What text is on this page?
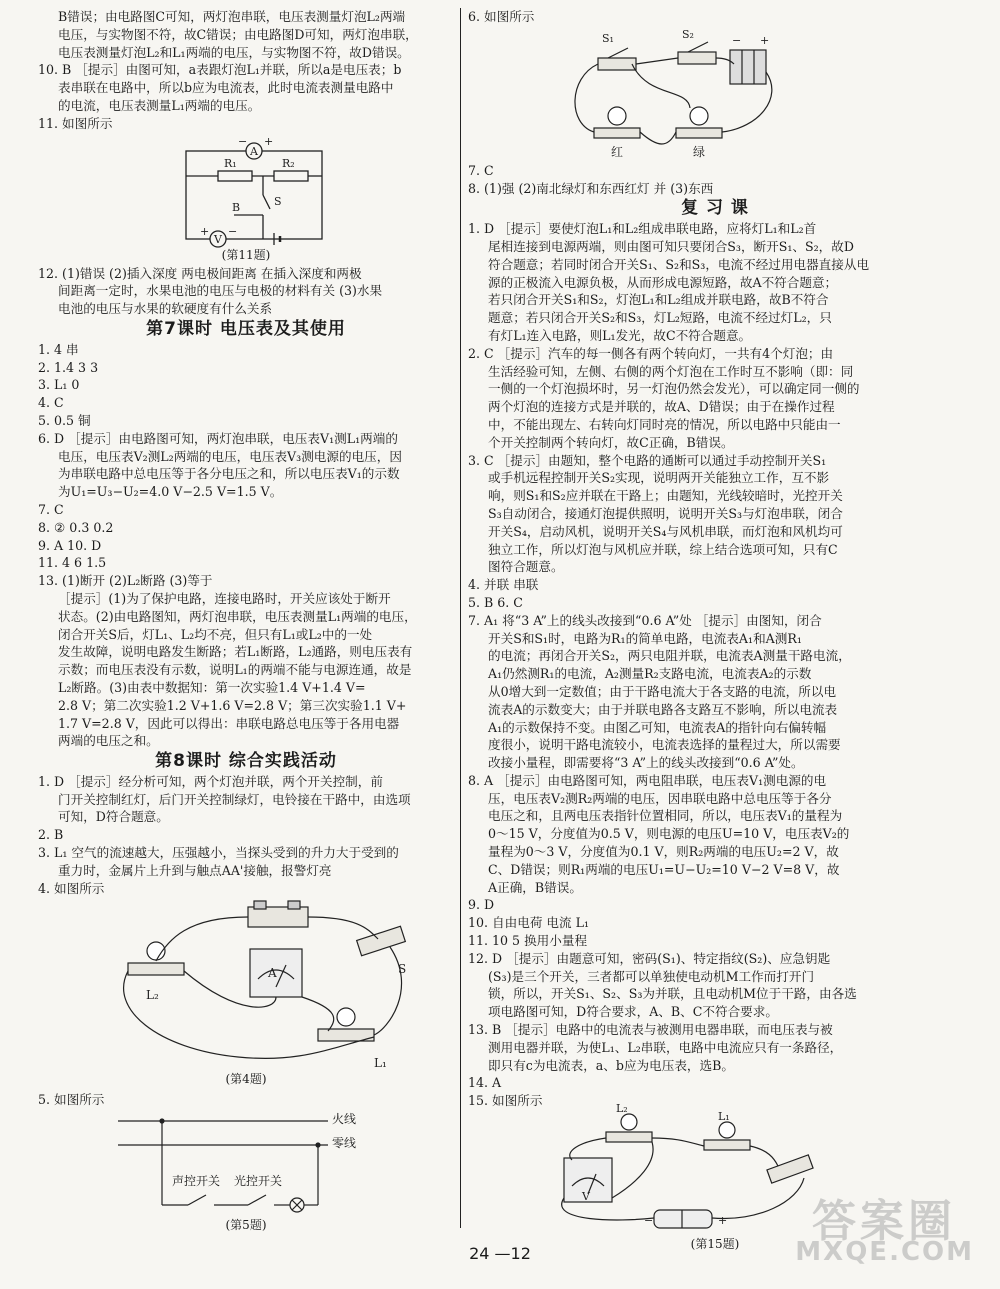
B错误；由电路图C可知，两灯泡串联，电压表测量灯泡L₂两端

电压，与实物图不符，故C错误；由电路图D可知，两灯泡串联，

电压表测量灯泡L₂和L₁两端的电压，与实物图不符，故D错误。

10. B ［提示］由图可知，a表跟灯泡L₁并联，所以a是电压表；b

表串联在电路中，所以b应为电流表，此时电流表测量电路中

的电流，电压表测量L₁两端的电压。

11. 如图所示

A
− +
V
+ −
R₁	R₂
S
B
(第11题)

12. (1)错误 (2)插入深度 两电极间距离 在插入深度和两极

间距离一定时，水果电池的电压与电极的材料有关 (3)水果

电池的电压与水果的软硬度有什么关系

第7课时 电压表及其使用

1. 4 串

2. 1.4 3 3

3. L₁ 0

4. C

5. 0.5 铜

6. D ［提示］由电路图可知，两灯泡串联，电压表V₁测L₁两端的

电压，电压表V₂测L₂两端的电压，电压表V₃测电源的电压，因

为串联电路中总电压等于各分电压之和，所以电压表V₁的示数

为U₁=U₃−U₂=4.0 V−2.5 V=1.5 V。

7. C

8. ② 0.3 0.2

9. A 10. D

11. 4 6 1.5

13. (1)断开 (2)L₂断路 (3)等于

［提示］(1)为了保护电路，连接电路时，开关应该处于断开

状态。(2)由电路图知，两灯泡串联，电压表测量L₁两端的电压，

闭合开关S后，灯L₁、L₂均不亮，但只有L₁或L₂中的一处

发生故障，说明电路发生断路；若L₁断路，L₂通路，则电压表有

示数；而电压表没有示数，说明L₁的两端不能与电源连通，故是

L₂断路。(3)由表中数据知：第一次实验1.4 V+1.4 V=

2.8 V；第二次实验1.2 V+1.6 V=2.8 V；第三次实验1.1 V+

1.7 V=2.8 V，因此可以得出：串联电路总电压等于各用电器

两端的电压之和。

第8课时 综合实践活动

1. D ［提示］经分析可知，两个灯泡并联，两个开关控制，前

门开关控制红灯，后门开关控制绿灯，电铃接在干路中，由选项

可知，D符合题意。

2. B

3. L₁ 空气的流速越大，压强越小，当探头受到的升力大于受到的

重力时，金属片上升到与触点AA'接触，报警灯亮

4. 如图所示

A	S
L₂
L₁
(第4题)

5. 如图所示

火线
零线
声控开关 光控开关
(第5题)

6. 如图所示

S₁	S₂	− +
红	绿

7. C

8. (1)强 (2)南北绿灯和东西红灯 并 (3)东西

复 习 课

1. D ［提示］要使灯泡L₁和L₂组成串联电路，应将灯L₁和L₂首

尾相连接到电源两端，则由图可知只要闭合S₃，断开S₁、S₂，故D

符合题意；若同时闭合开关S₁、S₂和S₃，电流不经过用电器直接从电

源的正极流入电源负极，从而形成电源短路，故A不符合题意；

若只闭合开关S₁和S₂，灯泡L₁和L₂组成并联电路，故B不符合

题意；若只闭合开关S₂和S₃，灯L₂短路，电流不经过灯L₂，只

有灯L₁连入电路，则L₁发光，故C不符合题意。

2. C ［提示］汽车的每一侧各有两个转向灯，一共有4个灯泡；由

生活经验可知，左侧、右侧的两个灯泡在工作时互不影响（即：同

一侧的一个灯泡损坏时，另一灯泡仍然会发光），可以确定同一侧的

两个灯泡的连接方式是并联的，故A、D错误；由于在操作过程

中，不能出现左、右转向灯同时亮的情况，所以电路中只能由一

个开关控制两个转向灯，故C正确，B错误。

3. C ［提示］由题知，整个电路的通断可以通过手动控制开关S₁

或手机远程控制开关S₂实现，说明两开关能独立工作，互不影

响，则S₁和S₂应并联在干路上；由题知，光线较暗时，光控开关

S₃自动闭合，接通灯泡提供照明，说明开关S₃与灯泡串联，闭合

开关S₄，启动风机，说明开关S₄与风机串联，而灯泡和风机均可

独立工作，所以灯泡与风机应并联，综上结合选项可知，只有C

图符合题意。

4. 并联 串联

5. B 6. C

7. A₁ 将“3 A”上的线头改接到“0.6 A”处 ［提示］由图知，闭合

开关S和S₁时，电路为R₁的简单电路，电流表A₁和A测R₁

的电流；再闭合开关S₂，两只电阻并联，电流表A测量干路电流，

A₁仍然测R₁的电流，A₂测量R₂支路电流，电流表A₂的示数

从0增大到一定数值；由于干路电流大于各支路的电流，所以电

流表A的示数变大；由于并联电路各支路互不影响，所以电流表

A₁的示数保持不变。由图乙可知，电流表A的指针向右偏转幅

度很小，说明干路电流较小，电流表选择的量程过大，所以需要

改接小量程，即需要将“3 A”上的线头改接到“0.6 A”处。

8. A ［提示］由电路图可知，两电阻串联，电压表V₁测电源的电

压，电压表V₂测R₂两端的电压，因串联电路中总电压等于各分

电压之和，且两电压表指针位置相同，所以，电压表V₁的量程为

0～15 V，分度值为0.5 V，则电源的电压U=10 V，电压表V₂的

量程为0～3 V，分度值为0.1 V，则R₂两端的电压U₂=2 V，故

C、D错误；则R₁两端的电压U₁=U−U₂=10 V−2 V=8 V，故

A正确，B错误。

9. D

10. 自由电荷 电流 L₁

11. 10 5 换用小量程

12. D ［提示］由题意可知，密码(S₁)、特定指纹(S₂)、应急钥匙

(S₃)是三个开关，三者都可以单独使电动机M工作而打开门

锁，所以，开关S₁、S₂、S₃为并联，且电动机M位于干路，由各选

项电路图可知，D符合要求，A、B、C不符合要求。

13. B ［提示］电路中的电流表与被测用电器串联，而电压表与被

测用电器并联，为使L₁、L₂串联，电路中电流应只有一条路径，

即只有c为电流表，a、b应为电压表，选B。

14. A

15. 如图所示

L₂
L₁
V
−	+
(第15题)
24 —12
答案圈
MXQE.COM
